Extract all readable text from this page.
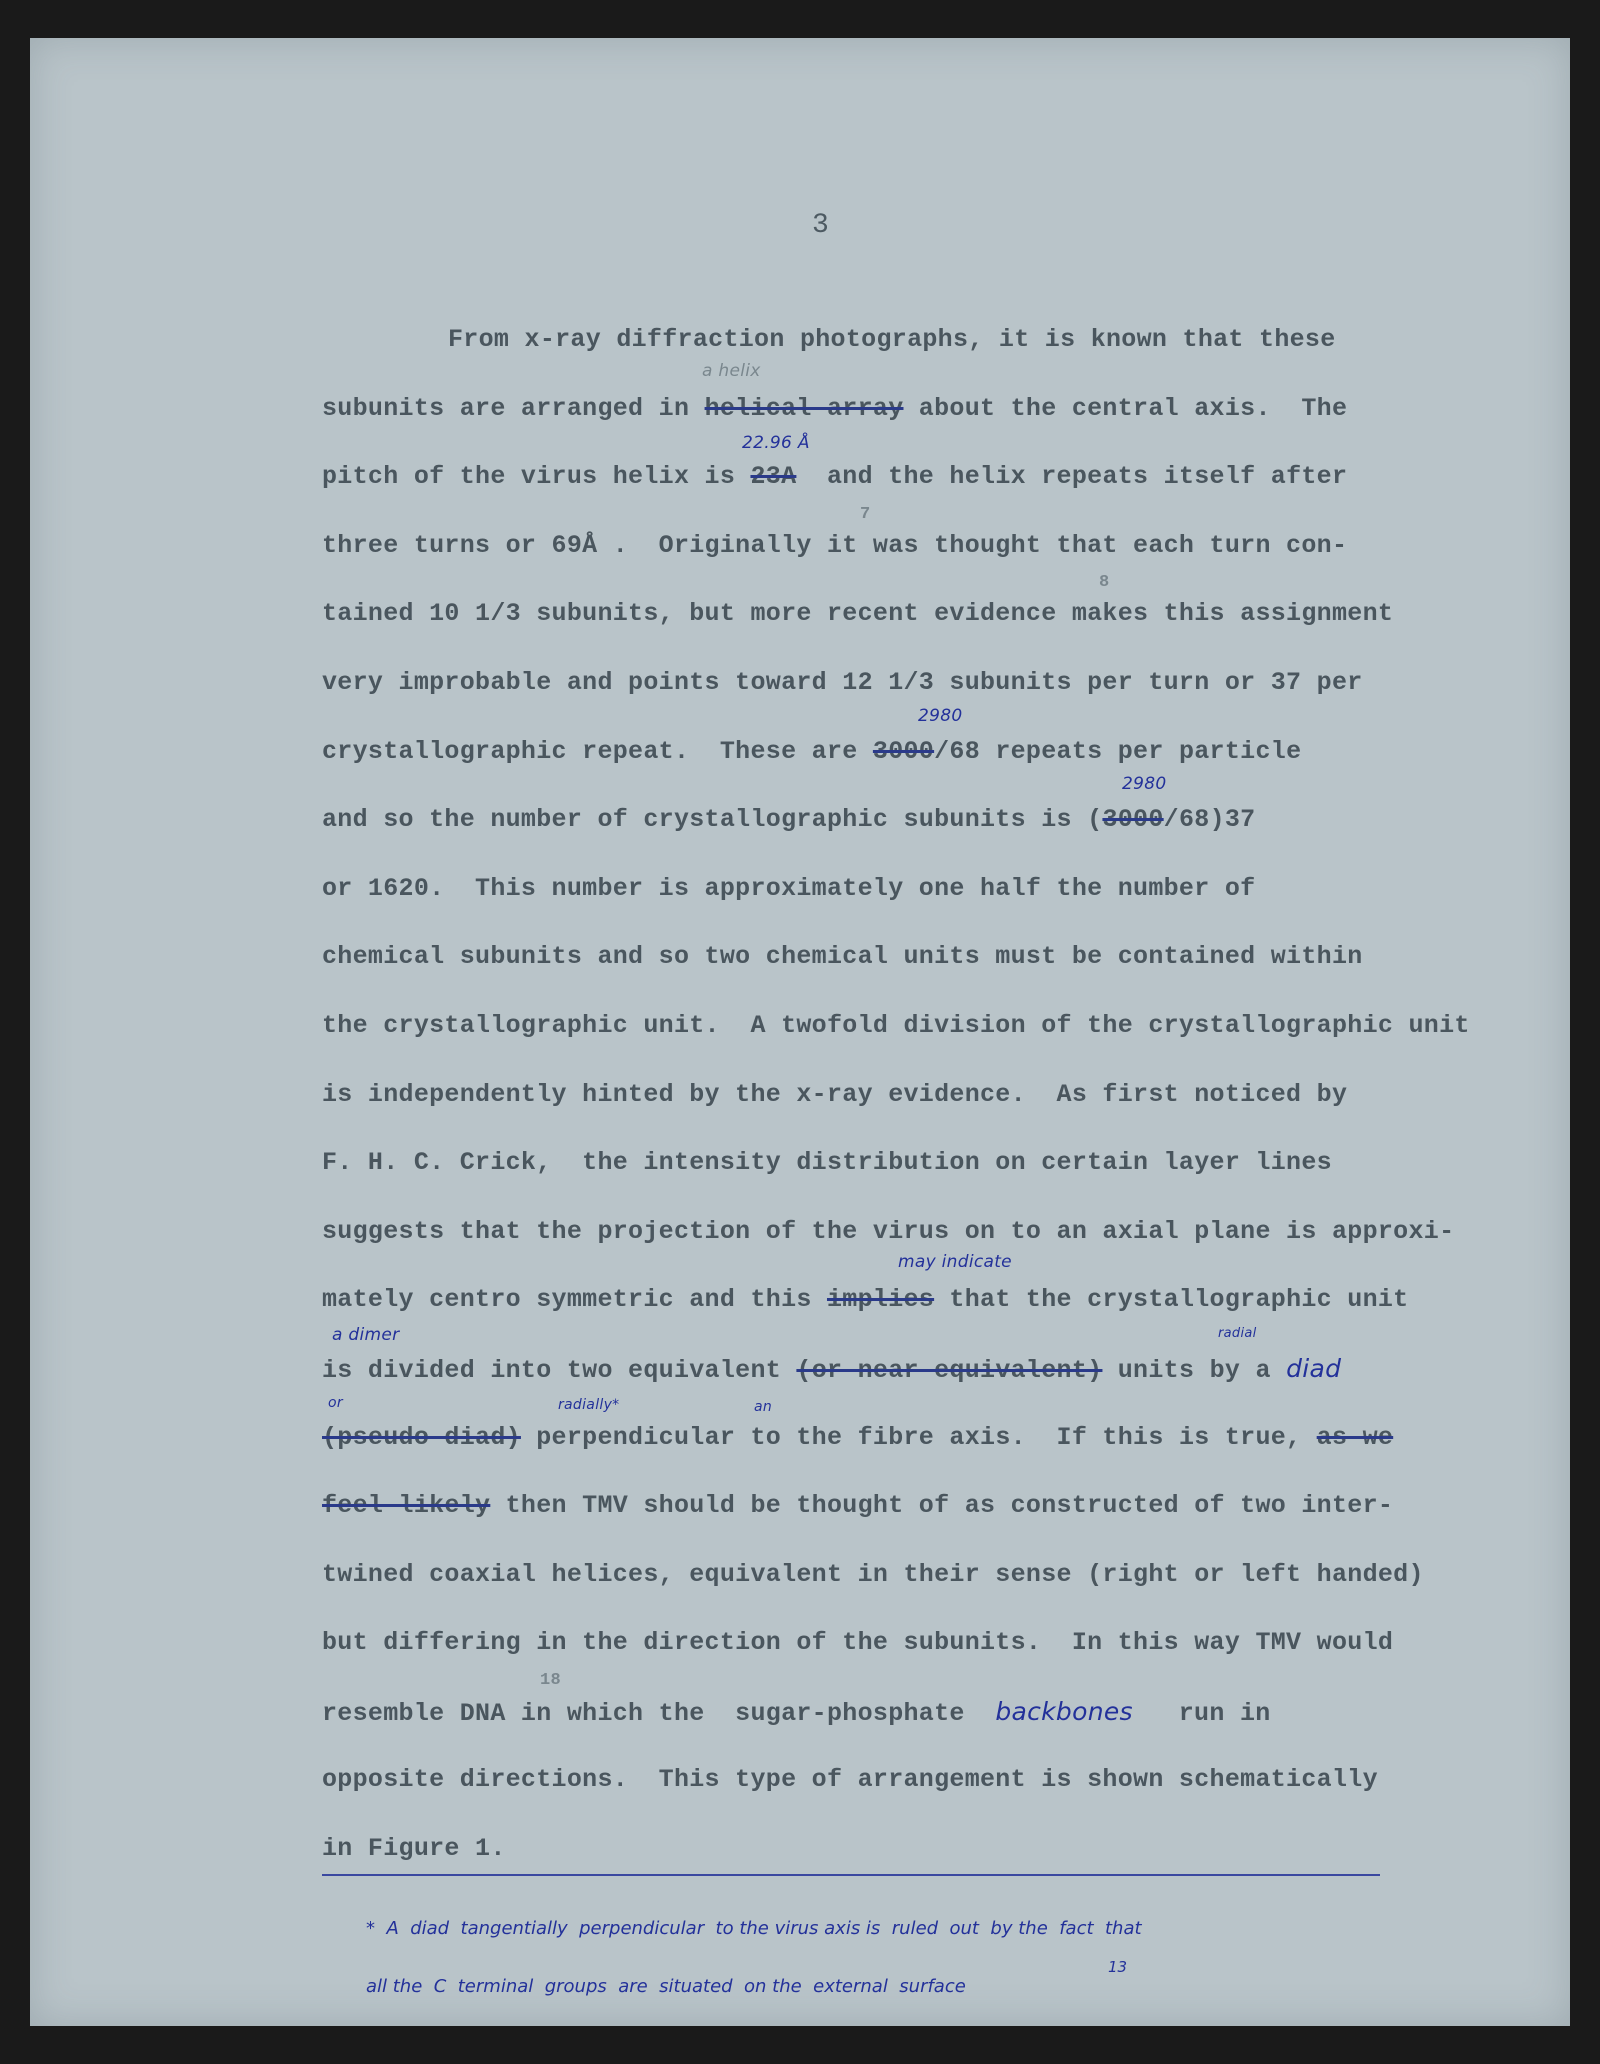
3
From x-ray diffraction photographs, it is known that these
subunits are arranged in helical array about the central axis.  The
a helix
pitch of the virus helix is 23A  and the helix repeats itself after
22.96 Å
three turns or 69Å .  Originally it was thought that each turn con-
7
tained 10 1/3 subunits, but more recent evidence makes this assignment
8
very improbable and points toward 12 1/3 subunits per turn or 37 per
crystallographic repeat.  These are 3000/68 repeats per particle
2980
and so the number of crystallographic subunits is (3000/68)37
2980
or 1620.  This number is approximately one half the number of
chemical subunits and so two chemical units must be contained within
the crystallographic unit.  A twofold division of the crystallographic unit
is independently hinted by the x-ray evidence.  As first noticed by
F. H. C. Crick,  the intensity distribution on certain layer lines
suggests that the projection of the virus on to an axial plane is approxi-
mately centro symmetric and this implies that the crystallographic unit
may indicate
is divided into two equivalent (or near equivalent) units by a diad
a dimer	radial
(pseudo diad) perpendicular to the fibre axis.  If this is true, as we
or	radially*	an
feel likely then TMV should be thought of as constructed of two inter-
twined coaxial helices, equivalent in their sense (right or left handed)
but differing in the direction of the subunits.  In this way TMV would
resemble DNA in which the  sugar-phosphate  backbones   run in
18
opposite directions.  This type of arrangement is shown schematically
in Figure 1.
*  A  diad  tangentially  perpendicular  to the virus axis is  ruled  out  by the  fact  that
all the  C  terminal  groups  are  situated  on the  external  surface
13
